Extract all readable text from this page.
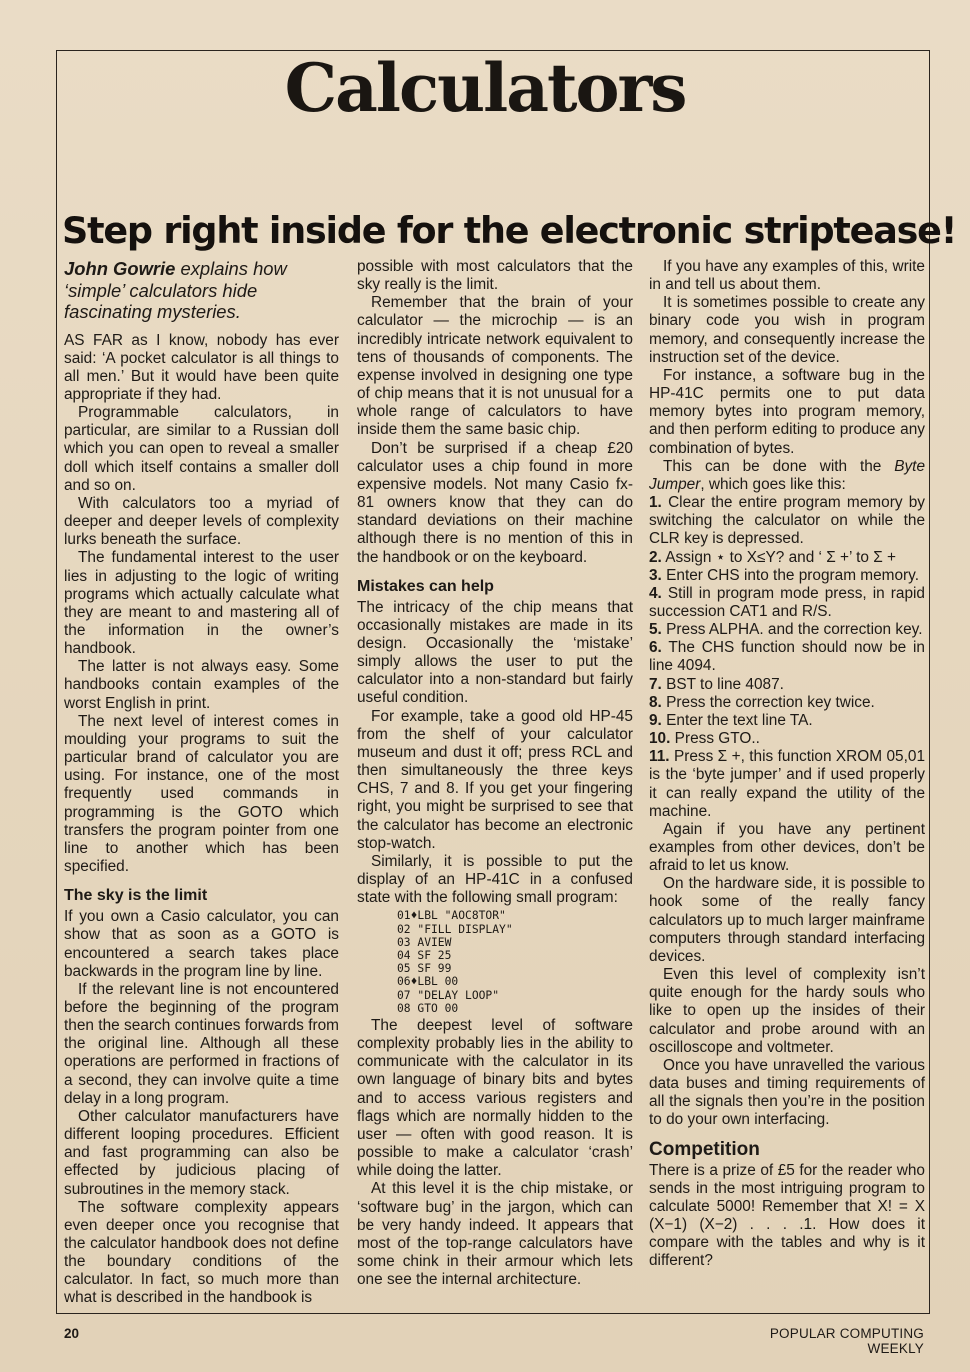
Calculators
Step right inside for the electronic striptease!
John Gowrie explains how ‘simple’ calculators hide fascinating mysteries.

AS FAR as I know, nobody has ever said: ‘A pocket calculator is all things to all men.’ But it would have been quite appropriate if they had.

Programmable calculators, in particular, are similar to a Russian doll which you can open to reveal a smaller doll which itself contains a smaller doll and so on.

With calculators too a myriad of deeper and deeper levels of complexity lurks beneath the surface.

The fundamental interest to the user lies in adjusting to the logic of writing programs which actually calculate what they are meant to and mastering all of the information in the owner’s handbook.

The latter is not always easy. Some handbooks contain examples of the worst English in print.

The next level of interest comes in moulding your programs to suit the particular brand of calculator you are using. For instance, one of the most frequently used commands in programming is the GOTO which transfers the program pointer from one line to another which has been specified.

The sky is the limit

If you own a Casio calculator, you can show that as soon as a GOTO is encountered a search takes place backwards in the program line by line.

If the relevant line is not encountered before the beginning of the program then the search continues forwards from the original line. Although all these operations are performed in fractions of a second, they can involve quite a time delay in a long program.

Other calculator manufacturers have different looping procedures. Efficient and fast programming can also be effected by judicious placing of subroutines in the memory stack.

The software complexity appears even deeper once you recognise that the calculator handbook does not define the boundary conditions of the calculator. In fact, so much more than what is described in the handbook is

possible with most calculators that the sky really is the limit.

Remember that the brain of your calculator — the microchip — is an incredibly intricate network equivalent to tens of thousands of components. The expense involved in designing one type of chip means that it is not unusual for a whole range of calculators to have inside them the same basic chip.

Don’t be surprised if a cheap £20 calculator uses a chip found in more expensive models. Not many Casio fx-81 owners know that they can do standard deviations on their machine although there is no mention of this in the handbook or on the keyboard.

Mistakes can help

The intricacy of the chip means that occasionally mistakes are made in its design. Occasionally the ‘mistake’ simply allows the user to put the calculator into a non-standard but fairly useful condition.

For example, take a good old HP-45 from the shelf of your calculator museum and dust it off; press RCL and then simultaneously the three keys CHS, 7 and 8. If you get your fingering right, you might be surprised to see that the calculator has become an electronic stop-watch.

Similarly, it is possible to put the display of an HP-41C in a confused state with the following small program:

01♦LBL "AOC8TOR"
02 "FILL DISPLAY"
03 AVIEW
04 SF 25
05 SF 99
06♦LBL 00
07 "DELAY LOOP"
08 GTO 00

The deepest level of software complexity probably lies in the ability to communicate with the calculator in its own language of binary bits and bytes and to access various registers and flags which are normally hidden to the user — often with good reason. It is possible to make a calculator ‘crash’ while doing the latter.

At this level it is the chip mistake, or ‘software bug’ in the jargon, which can be very handy indeed. It appears that most of the top-range calculators have some chink in their armour which lets one see the internal architecture.

If you have any examples of this, write in and tell us about them.

It is sometimes possible to create any binary code you wish in program memory, and consequently increase the instruction set of the device.

For instance, a software bug in the HP-41C permits one to put data memory bytes into program memory, and then perform editing to produce any combination of bytes.

This can be done with the Byte Jumper, which goes like this:

1. Clear the entire program memory by switching the calculator on while the CLR key is depressed.

2. Assign ⋆ to X≤Y? and ‘ Σ +’ to Σ +

3. Enter CHS into the program memory.

4. Still in program mode press, in rapid succession CAT1 and R/S.

5. Press ALPHA. and the correction key.

6. The CHS function should now be in line 4094.

7. BST to line 4087.

8. Press the correction key twice.

9. Enter the text line TA.

10. Press GTO..

11. Press Σ +, this function XROM 05,01 is the ‘byte jumper’ and if used properly it can really expand the utility of the machine.

Again if you have any pertinent examples from other devices, don’t be afraid to let us know.

On the hardware side, it is possible to hook some of the really fancy calculators up to much larger mainframe computers through standard interfacing devices.

Even this level of complexity isn’t quite enough for the hardy souls who like to open up the insides of their calculator and probe around with an oscilloscope and voltmeter.

Once you have unravelled the various data buses and timing requirements of all the signals then you’re in the position to do your own interfacing.

Competition

There is a prize of £5 for the reader who sends in the most intriguing program to calculate 5000! Remember that X! = X (X−1) (X−2) . . . .1. How does it compare with the tables and why is it different?

20	POPULAR COMPUTING WEEKLY
